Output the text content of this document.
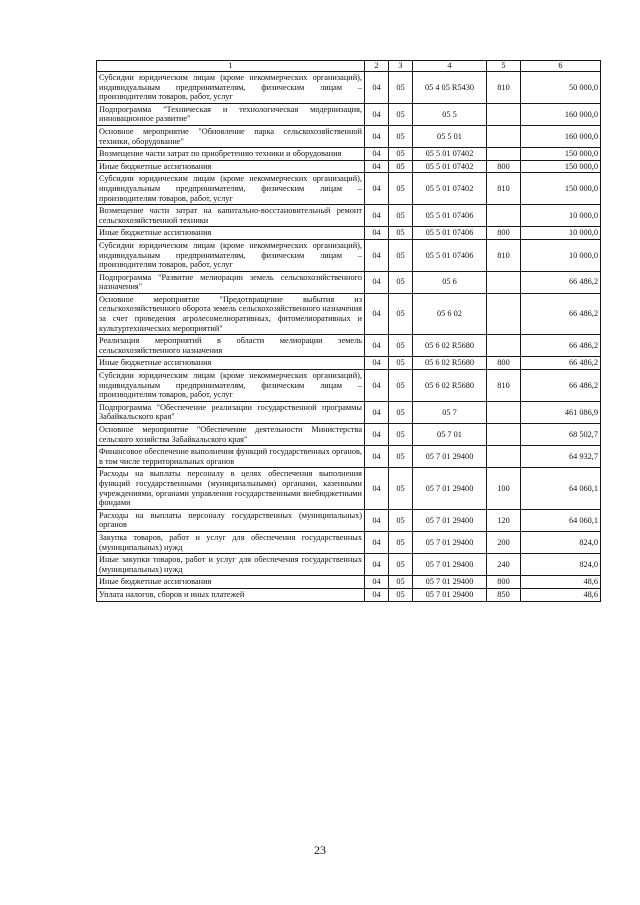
1	2	3	4	5	6
Субсидии юридическим лицам (кроме некоммерческих организаций), индивидуальным предпринимателям, физическим лицам – производителям товаров, работ, услуг	04	05	05 4 05 R5430	810	50 000,0
Подпрограмма "Техническая и технологическая модернизация, инновационное развитие"	04	05	05 5		160 000,0
Основное мероприятие "Обновление парка сельскохозяйственной техники, оборудование"	04	05	05 5 01		160 000,0
Возмещение части затрат по приобретению техники и оборудования	04	05	05 5 01 07402		150 000,0
Иные бюджетные ассигнования	04	05	05 5 01 07402	800	150 000,0
Субсидии юридическим лицам (кроме некоммерческих организаций), индивидуальным предпринимателям, физическим лицам – производителям товаров, работ, услуг	04	05	05 5 01 07402	810	150 000,0
Возмещение части затрат на капитально-восстановительный ремонт сельскохозяйственной техники	04	05	05 5 01 07406		10 000,0
Иные бюджетные ассигнования	04	05	05 5 01 07406	800	10 000,0
Субсидии юридическим лицам (кроме некоммерческих организаций), индивидуальным предпринимателям, физическим лицам – производителям товаров, работ, услуг	04	05	05 5 01 07406	810	10 000,0
Подпрограмма "Развитие мелиорации земель сельскохозяйственного назначения"	04	05	05 6		66 486,2
Основное мероприятие "Предотвращение выбытия из сельскохозяйственного оборота земель сельскохозяйственного назначения за счет проведения агролесомелиоративных, фитомелиоративных и культуртехнических мероприятий"	04	05	05 6 02		66 486,2
Реализация мероприятий в области мелиорации земель сельскохозяйственного назначения	04	05	05 6 02 R5680		66 486,2
Иные бюджетные ассигнования	04	05	05 6 02 R5680	800	66 486,2
Субсидии юридическим лицам (кроме некоммерческих организаций), индивидуальным предпринимателям, физическим лицам – производителям товаров, работ, услуг	04	05	05 6 02 R5680	810	66 486,2
Подпрограмма "Обеспечение реализации государственной программы Забайкальского края"	04	05	05 7		461 086,9
Основное мероприятие "Обеспечение деятельности Министерства сельского хозяйства Забайкальского края"	04	05	05 7 01		68 502,7
Финансовое обеспечение выполнения функций государственных органов, в том числе территориальных органов	04	05	05 7 01 29400		64 932,7
Расходы на выплаты персоналу в целях обеспечения выполнения функций государственными (муниципальными) органами, казенными учреждениями, органами управления государственными внебюджетными фондами	04	05	05 7 01 29400	100	64 060,1
Расходы на выплаты персоналу государственных (муниципальных) органов	04	05	05 7 01 29400	120	64 060,1
Закупка товаров, работ и услуг для обеспечения государственных (муниципальных) нужд	04	05	05 7 01 29400	200	824,0
Иные закупки товаров, работ и услуг для обеспечения государственных (муниципальных) нужд	04	05	05 7 01 29400	240	824,0
Иные бюджетные ассигнования	04	05	05 7 01 29400	800	48,6
Уплата налогов, сборов и иных платежей	04	05	05 7 01 29400	850	48,6
23
